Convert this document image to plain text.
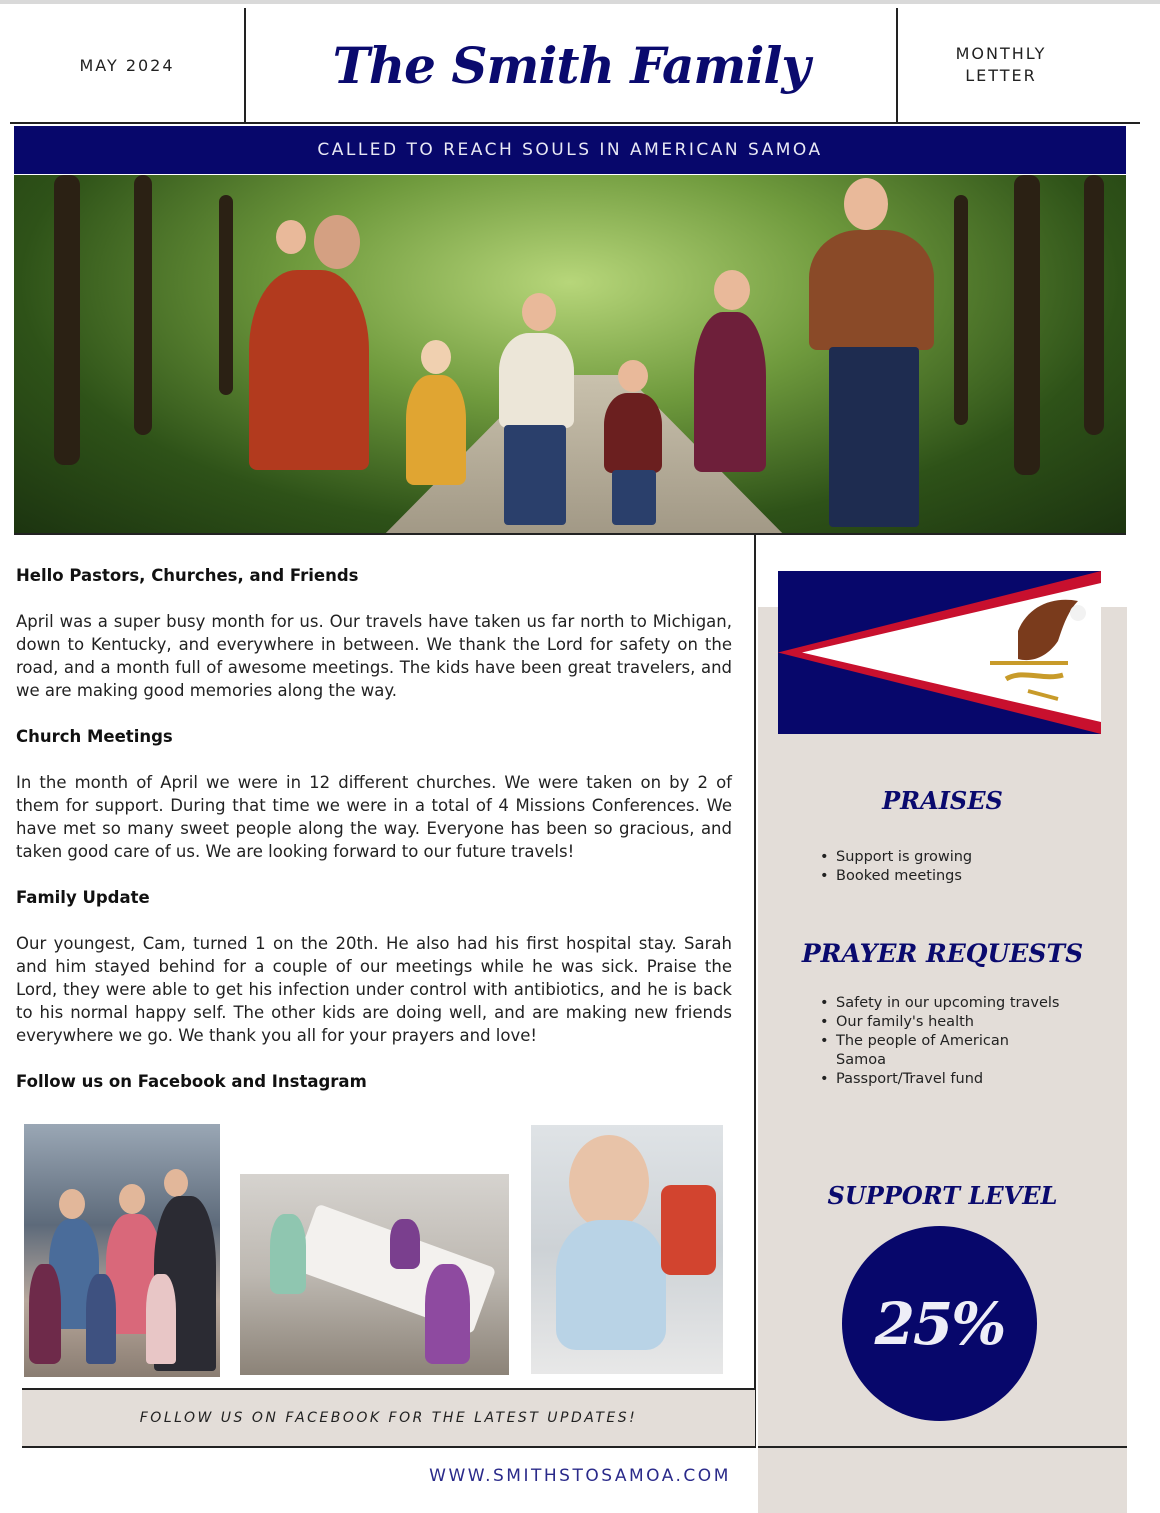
MAY 2024	The Smith Family	MONTHLY
LETTER
CALLED TO REACH SOULS IN AMERICAN SAMOA
Hello Pastors, Churches, and Friends

April was a super busy month for us. Our travels have taken us far north to Michigan, down to Kentucky, and everywhere in between. We thank the Lord for safety on the road, and a month full of awesome meetings. The kids have been great travelers, and we are making good memories along the way.

Church Meetings

In the month of April we were in 12 different churches. We were taken on by 2 of them for support. During that time we were in a total of 4 Missions Conferences. We have met so many sweet people along the way. Everyone has been so gracious, and taken good care of us. We are looking forward to our future travels!

Family Update

Our youngest, Cam, turned 1 on the 20th. He also had his first hospital stay. Sarah and him stayed behind for a couple of our meetings while he was sick. Praise the Lord, they were able to get his infection under control with antibiotics, and he is back to his normal happy self. The other kids are doing well, and are making new friends everywhere we go. We thank you all for your prayers and love!

Follow us on Facebook and Instagram
FOLLOW US ON FACEBOOK FOR THE LATEST UPDATES!
WWW.SMITHSTOSAMOA.COM
PRAISES
• Support is growing
• Booked meetings
PRAYER REQUESTS
• Safety in our upcoming travels
• Our family's health
• The people of American Samoa
• Passport/Travel fund
SUPPORT LEVEL
25%
